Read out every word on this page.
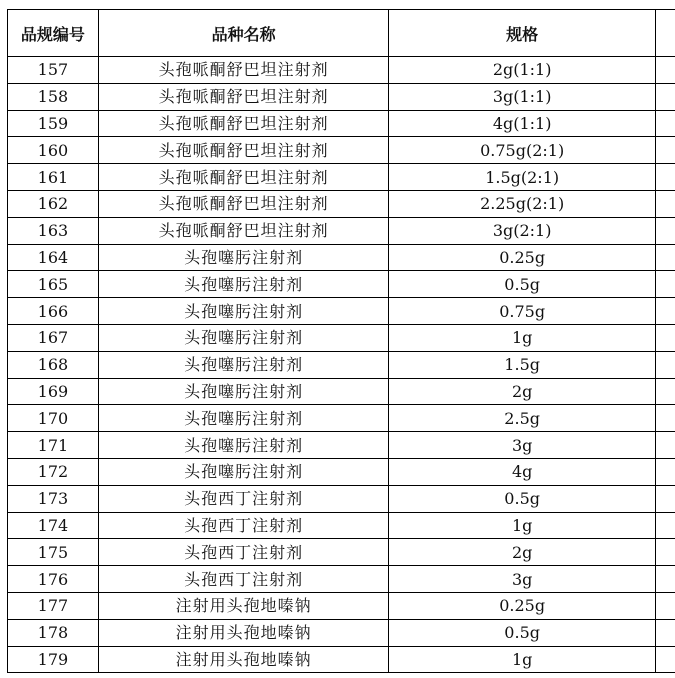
品规编号	品种名称	规格	
157	头孢哌酮舒巴坦注射剂	2g(1:1)	
158	头孢哌酮舒巴坦注射剂	3g(1:1)	
159	头孢哌酮舒巴坦注射剂	4g(1:1)	
160	头孢哌酮舒巴坦注射剂	0.75g(2:1)	
161	头孢哌酮舒巴坦注射剂	1.5g(2:1)	
162	头孢哌酮舒巴坦注射剂	2.25g(2:1)	
163	头孢哌酮舒巴坦注射剂	3g(2:1)	
164	头孢噻肟注射剂	0.25g	
165	头孢噻肟注射剂	0.5g	
166	头孢噻肟注射剂	0.75g	
167	头孢噻肟注射剂	1g	
168	头孢噻肟注射剂	1.5g	
169	头孢噻肟注射剂	2g	
170	头孢噻肟注射剂	2.5g	
171	头孢噻肟注射剂	3g	
172	头孢噻肟注射剂	4g	
173	头孢西丁注射剂	0.5g	
174	头孢西丁注射剂	1g	
175	头孢西丁注射剂	2g	
176	头孢西丁注射剂	3g	
177	注射用头孢地嗪钠	0.25g	
178	注射用头孢地嗪钠	0.5g	
179	注射用头孢地嗪钠	1g	
